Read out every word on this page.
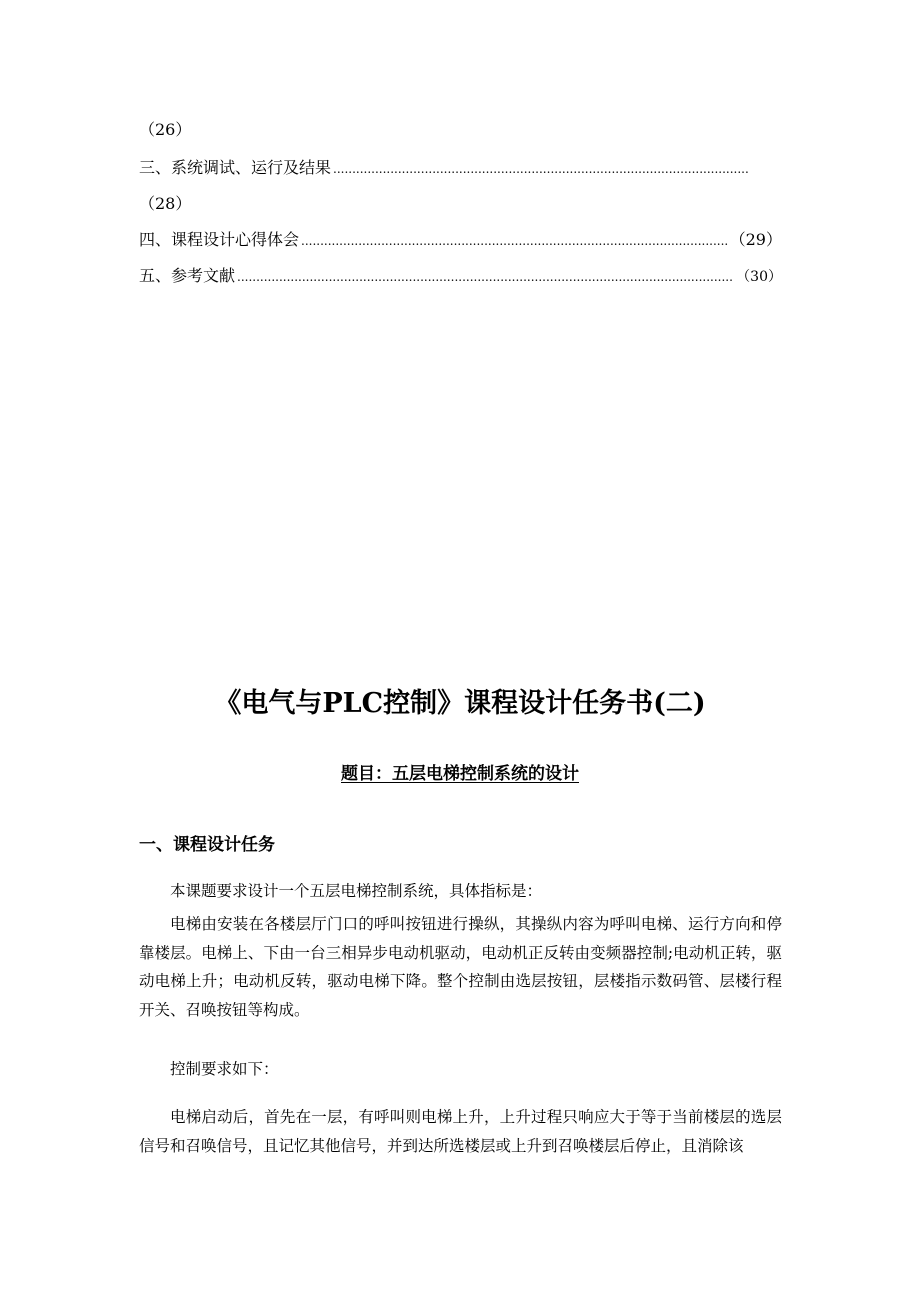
（26）
三、系统调试、运行及结果
.....
（28）
四、课程设计心得体会 .....	（29）
五、参考文献 .....	（30）
《电气与PLC控制》课程设计任务书(二)
题目：五层电梯控制系统的设计
一、课程设计任务

本课题要求设计一个五层电梯控制系统，具体指标是：

电梯由安装在各楼层厅门口的呼叫按钮进行操纵，其操纵内容为呼叫电梯、运行方向和停靠楼层。电梯上、下由一台三相异步电动机驱动，电动机正反转由变频器控制;电动机正转，驱动电梯上升；电动机反转，驱动电梯下降。整个控制由选层按钮，层楼指示数码管、层楼行程开关、召唤按钮等构成。

控制要求如下：

电梯启动后，首先在一层，有呼叫则电梯上升，上升过程只响应大于等于当前楼层的选层信号和召唤信号，且记忆其他信号，并到达所选楼层或上升到召唤楼层后停止，且消除该
